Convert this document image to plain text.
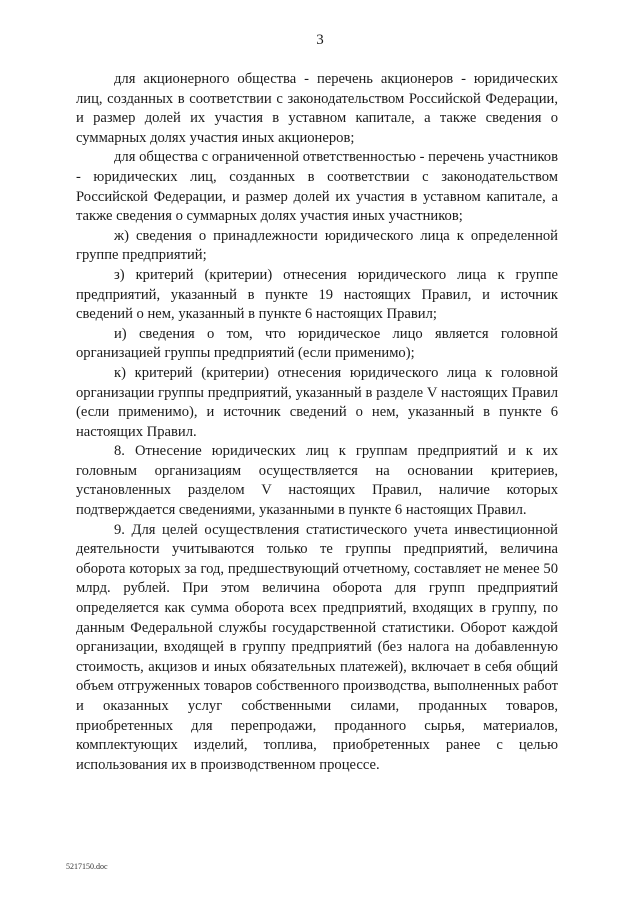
3

для акционерного общества - перечень акционеров - юридических лиц, созданных в соответствии с законодательством Российской Федерации, и размер долей их участия в уставном капитале, а также сведения о суммарных долях участия иных акционеров;

для общества с ограниченной ответственностью - перечень участников - юридических лиц, созданных в соответствии с законодательством Российской Федерации, и размер долей их участия в уставном капитале, а также сведения о суммарных долях участия иных участников;

ж) сведения о принадлежности юридического лица к определенной группе предприятий;

з) критерий (критерии) отнесения юридического лица к группе предприятий, указанный в пункте 19 настоящих Правил, и источник сведений о нем, указанный в пункте 6 настоящих Правил;

и) сведения о том, что юридическое лицо является головной организацией группы предприятий (если применимо);

к) критерий (критерии) отнесения юридического лица к головной организации группы предприятий, указанный в разделе V настоящих Правил (если применимо), и источник сведений о нем, указанный в пункте 6 настоящих Правил.

8. Отнесение юридических лиц к группам предприятий и к их головным организациям осуществляется на основании критериев, установленных разделом V настоящих Правил, наличие которых подтверждается сведениями, указанными в пункте 6 настоящих Правил.

9. Для целей осуществления статистического учета инвестиционной деятельности учитываются только те группы предприятий, величина оборота которых за год, предшествующий отчетному, составляет не менее 50 млрд. рублей. При этом величина оборота для групп предприятий определяется как сумма оборота всех предприятий, входящих в группу, по данным Федеральной службы государственной статистики. Оборот каждой организации, входящей в группу предприятий (без налога на добавленную стоимость, акцизов и иных обязательных платежей), включает в себя общий объем отгруженных товаров собственного производства, выполненных работ и оказанных услуг собственными силами, проданных товаров, приобретенных для перепродажи, проданного сырья, материалов, комплектующих изделий, топлива, приобретенных ранее с целью использования их в производственном процессе.

5217150.doc
